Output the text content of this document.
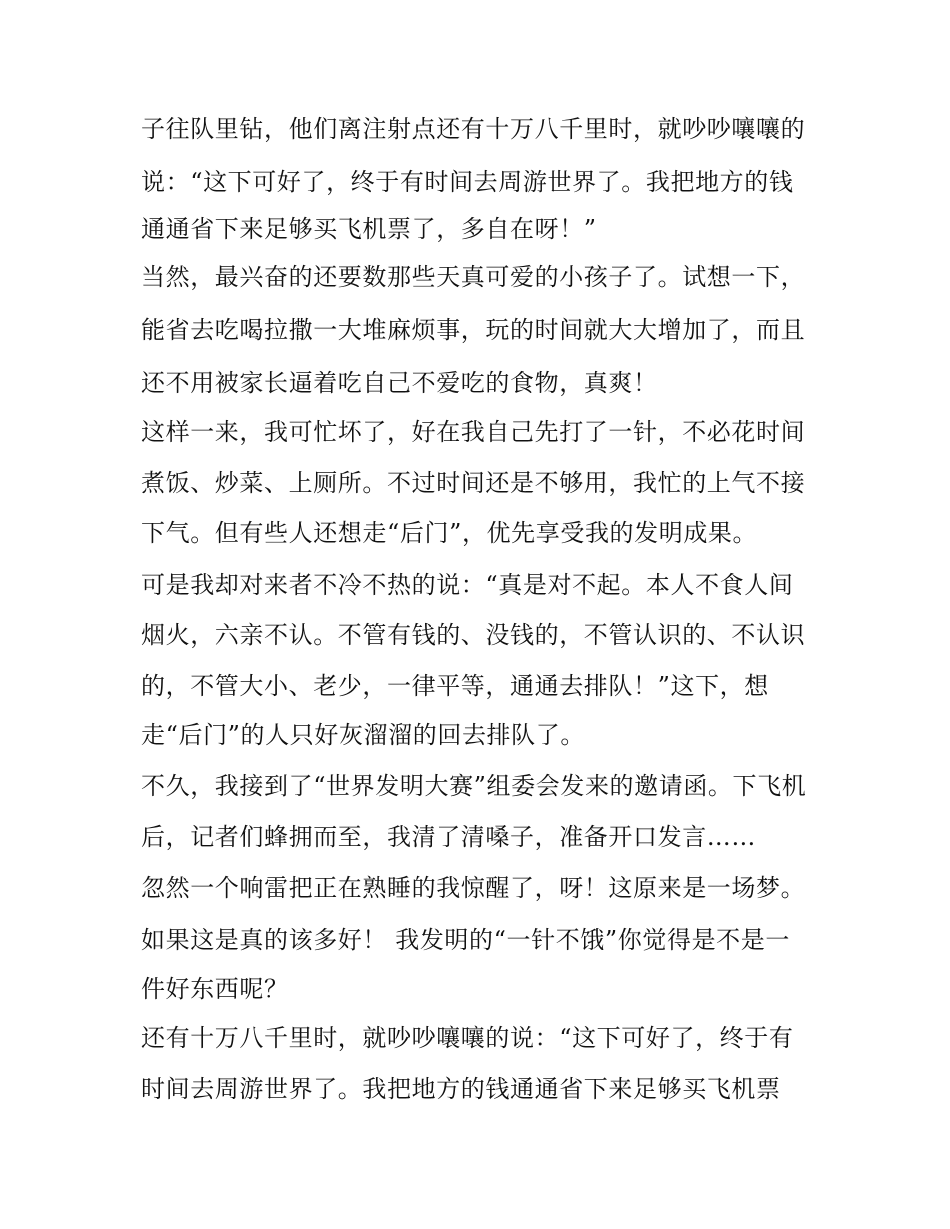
子往队里钻，他们离注射点还有十万八千里时，就吵吵嚷嚷的
说：“这下可好了，终于有时间去周游世界了。我把地方的钱
通通省下来足够买飞机票了，多自在呀！”
当然，最兴奋的还要数那些天真可爱的小孩子了。试想一下，
能省去吃喝拉撒一大堆麻烦事，玩的时间就大大增加了，而且
还不用被家长逼着吃自己不爱吃的食物，真爽！
这样一来，我可忙坏了，好在我自己先打了一针，不必花时间
煮饭、炒菜、上厕所。不过时间还是不够用，我忙的上气不接
下气。但有些人还想走“后门”，优先享受我的发明成果。
可是我却对来者不冷不热的说：“真是对不起。本人不食人间
烟火，六亲不认。不管有钱的、没钱的，不管认识的、不认识
的，不管大小、老少，一律平等，通通去排队！”这下，想
走“后门”的人只好灰溜溜的回去排队了。
不久，我接到了“世界发明大赛”组委会发来的邀请函。下飞机
后，记者们蜂拥而至，我清了清嗓子，准备开口发言……
忽然一个响雷把正在熟睡的我惊醒了，呀！这原来是一场梦。
如果这是真的该多好！ 我发明的“一针不饿”你觉得是不是一
件好东西呢？
还有十万八千里时，就吵吵嚷嚷的说：“这下可好了，终于有
时间去周游世界了。我把地方的钱通通省下来足够买飞机票
